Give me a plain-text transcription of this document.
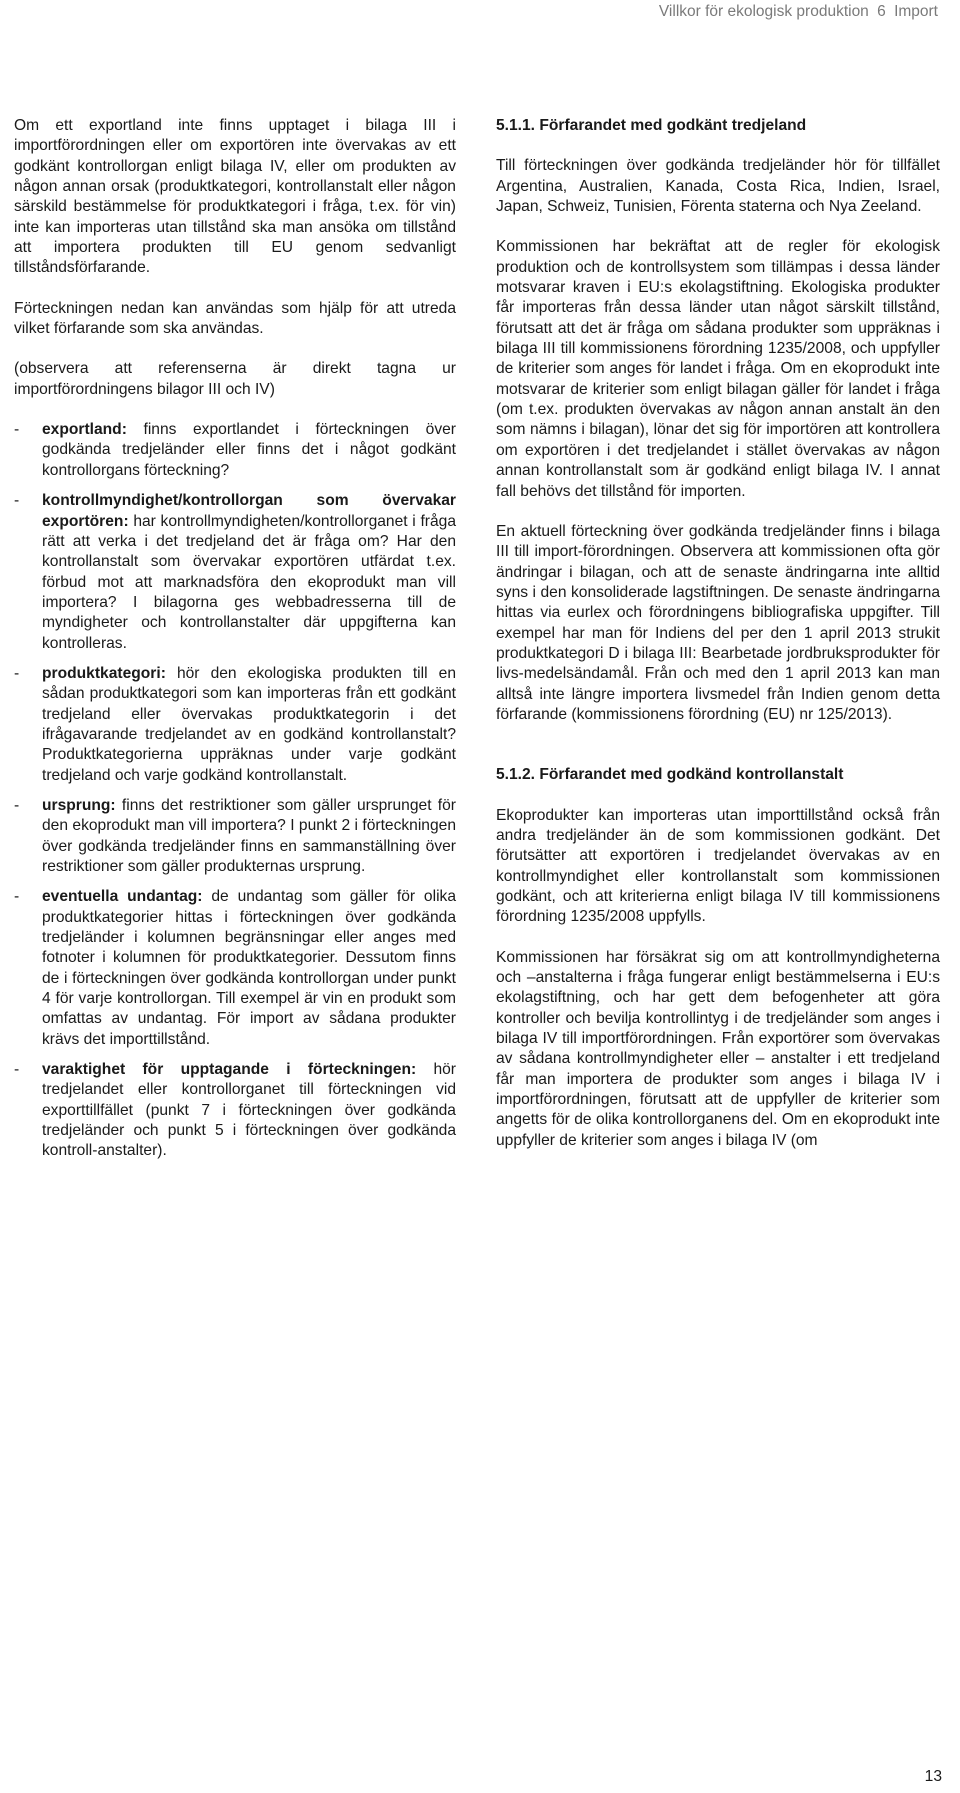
Villkor för ekologisk produktion 6 Import

Om ett exportland inte finns upptaget i bilaga III i importförordningen eller om exportören inte övervakas av ett godkänt kontrollorgan enligt bilaga IV, eller om produkten av någon annan orsak (produktkategori, kontrollanstalt eller någon särskild bestämmelse för produktkategori i fråga, t.ex. för vin) inte kan importeras utan tillstånd ska man ansöka om tillstånd att importera produkten till EU genom sedvanligt tillståndsförfarande.

Förteckningen nedan kan användas som hjälp för att utreda vilket förfarande som ska användas.

(observera att referenserna är direkt tagna ur importförordningens bilagor III och IV)

- exportland: finns exportlandet i förteckningen över godkända tredjeländer eller finns det i något godkänt kontrollorgans förteckning?
- kontrollmyndighet/kontrollorgan som övervakar exportören: har kontrollmyndigheten/kontrollorganet i fråga rätt att verka i det tredjeland det är fråga om? Har den kontrollanstalt som övervakar exportören utfärdat t.ex. förbud mot att marknadsföra den ekoprodukt man vill importera? I bilagorna ges webbadresserna till de myndigheter och kontrollanstalter där uppgifterna kan kontrolleras.
- produktkategori: hör den ekologiska produkten till en sådan produktkategori som kan importeras från ett godkänt tredjeland eller övervakas produktkategorin i det ifrågavarande tredjelandet av en godkänd kontrollanstalt? Produktkategorierna uppräknas under varje godkänt tredjeland och varje godkänd kontrollanstalt.
- ursprung: finns det restriktioner som gäller ursprunget för den ekoprodukt man vill importera? I punkt 2 i förteckningen över godkända tredjeländer finns en sammanställning över restriktioner som gäller produkternas ursprung.
- eventuella undantag: de undantag som gäller för olika produktkategorier hittas i förteckningen över godkända tredjeländer i kolumnen begränsningar eller anges med fotnoter i kolumnen för produktkategorier. Dessutom finns de i förteckningen över godkända kontrollorgan under punkt 4 för varje kontrollorgan. Till exempel är vin en produkt som omfattas av undantag. För import av sådana produkter krävs det importtillstånd.
- varaktighet för upptagande i förteckningen: hör tredjelandet eller kontrollorganet till förteckningen vid exporttillfället (punkt 7 i förteckningen över godkända tredjeländer och punkt 5 i förteckningen över godkända kontroll-anstalter).
5.1.1. Förfarandet med godkänt tredjeland

Till förteckningen över godkända tredjeländer hör för tillfället Argentina, Australien, Kanada, Costa Rica, Indien, Israel, Japan, Schweiz, Tunisien, Förenta staterna och Nya Zeeland.

Kommissionen har bekräftat att de regler för ekologisk produktion och de kontrollsystem som tillämpas i dessa länder motsvarar kraven i EU:s ekolagstiftning. Ekologiska produkter får importeras från dessa länder utan något särskilt tillstånd, förutsatt att det är fråga om sådana produkter som uppräknas i bilaga III till kommissionens förordning 1235/2008, och uppfyller de kriterier som anges för landet i fråga. Om en ekoprodukt inte motsvarar de kriterier som enligt bilagan gäller för landet i fråga (om t.ex. produkten övervakas av någon annan anstalt än den som nämns i bilagan), lönar det sig för importören att kontrollera om exportören i det tredjelandet i stället övervakas av någon annan kontrollanstalt som är godkänd enligt bilaga IV. I annat fall behövs det tillstånd för importen.

En aktuell förteckning över godkända tredjeländer finns i bilaga III till import-förordningen. Observera att kommissionen ofta gör ändringar i bilagan, och att de senaste ändringarna inte alltid syns i den konsoliderade lagstiftningen. De senaste ändringarna hittas via eurlex och förordningens bibliografiska uppgifter. Till exempel har man för Indiens del per den 1 april 2013 strukit produktkategori D i bilaga III: Bearbetade jordbruksprodukter för livs-medelsändamål. Från och med den 1 april 2013 kan man alltså inte längre importera livsmedel från Indien genom detta förfarande (kommissionens förordning (EU) nr 125/2013).

5.1.2. Förfarandet med godkänd kontrollanstalt

Ekoprodukter kan importeras utan importtillstånd också från andra tredjeländer än de som kommissionen godkänt. Det förutsätter att exportören i tredjelandet övervakas av en kontrollmyndighet eller kontrollanstalt som kommissionen godkänt, och att kriterierna enligt bilaga IV till kommissionens förordning 1235/2008 uppfylls.

Kommissionen har försäkrat sig om att kontrollmyndigheterna och –anstalterna i fråga fungerar enligt bestämmelserna i EU:s ekolagstiftning, och har gett dem befogenheter att göra kontroller och bevilja kontrollintyg i de tredjeländer som anges i bilaga IV till importförordningen. Från exportörer som övervakas av sådana kontrollmyndigheter eller – anstalter i ett tredjeland får man importera de produkter som anges i bilaga IV i importförordningen, förutsatt att de uppfyller de kriterier som angetts för de olika kontrollorganens del. Om en ekoprodukt inte uppfyller de kriterier som anges i bilaga IV (om

13
